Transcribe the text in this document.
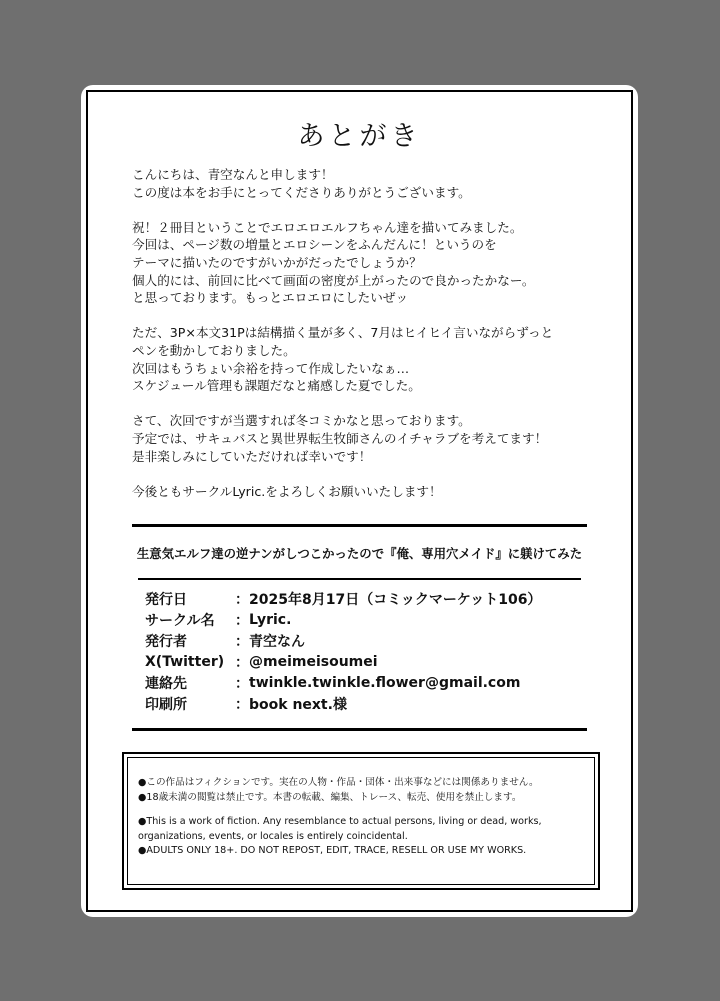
あとがき

こんにちは、青空なんと申します！
この度は本をお手にとってくださりありがとうございます。

祝！２冊目ということでエロエロエルフちゃん達を描いてみました。
今回は、ページ数の増量とエロシーンをふんだんに！というのを
テーマに描いたのですがいかがだったでしょうか？
個人的には、前回に比べて画面の密度が上がったので良かったかなー。
と思っております。もっとエロエロにしたいぜッ

ただ、3P×本文31Pは結構描く量が多く、7月はヒイヒイ言いながらずっと
ペンを動かしておりました。
次回はもうちょい余裕を持って作成したいなぁ…
スケジュール管理も課題だなと痛感した夏でした。

さて、次回ですが当選すれば冬コミかなと思っております。
予定では、サキュバスと異世界転生牧師さんのイチャラブを考えてます！
是非楽しみにしていただければ幸いです！

今後ともサークルLyric.をよろしくお願いいたします！

生意気エルフ達の逆ナンがしつこかったので『俺、専用穴メイド』に躾けてみた
発行日	： 2025年8月17日（コミックマーケット106）
サークル名	： Lyric.
発行者	： 青空なん
X(Twitter) ： @meimeisoumei
連絡先	： twinkle.twinkle.flower@gmail.com
印刷所	： book next.様
●この作品はフィクションです。実在の人物・作品・団体・出来事などには関係ありません。
●18歳未満の閲覧は禁止です。本書の転載、編集、トレース、転売、使用を禁止します。
●This is a work of fiction. Any resemblance to actual persons, living or dead, works,
organizations, events, or locales is entirely coincidental.
●ADULTS ONLY 18+. DO NOT REPOST, EDIT, TRACE, RESELL OR USE MY WORKS.
